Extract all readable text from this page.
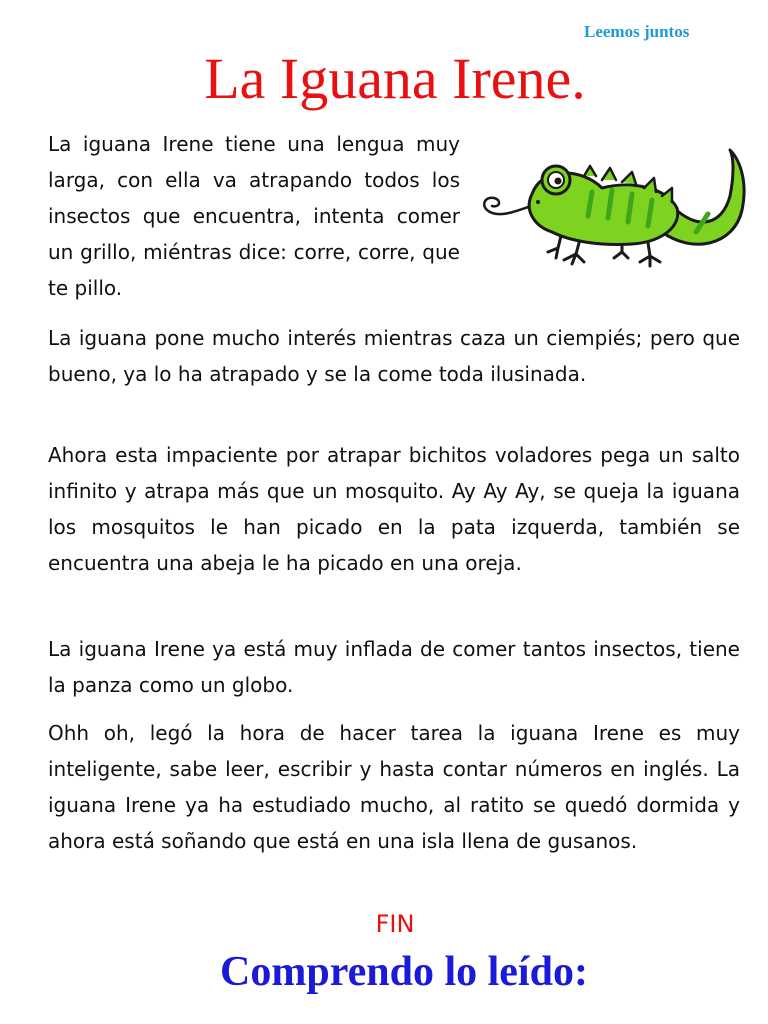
Leemos juntos
La Iguana Irene.
La iguana Irene tiene una lengua muy larga, con ella va atrapando todos los insectos que encuentra, intenta comer un grillo, miéntras dice: corre, corre, que te pillo.
La iguana pone mucho interés mientras caza un ciempiés; pero que bueno, ya lo ha atrapado y se la come toda ilusinada.
Ahora esta impaciente por atrapar bichitos voladores pega un salto infinito y atrapa más que un mosquito. Ay Ay Ay, se queja la iguana los mosquitos le han picado en la pata izquerda, también se encuentra una abeja le ha picado en una oreja.
La iguana Irene ya está muy inflada de comer tantos insectos, tiene la panza como un globo.
Ohh oh, legó la hora de hacer tarea la iguana Irene es muy inteligente, sabe leer, escribir y hasta contar números en inglés. La iguana Irene ya ha estudiado mucho, al ratito se quedó dormida y ahora está soñando que está en una isla llena de gusanos.
FIN
Comprendo lo leído:
